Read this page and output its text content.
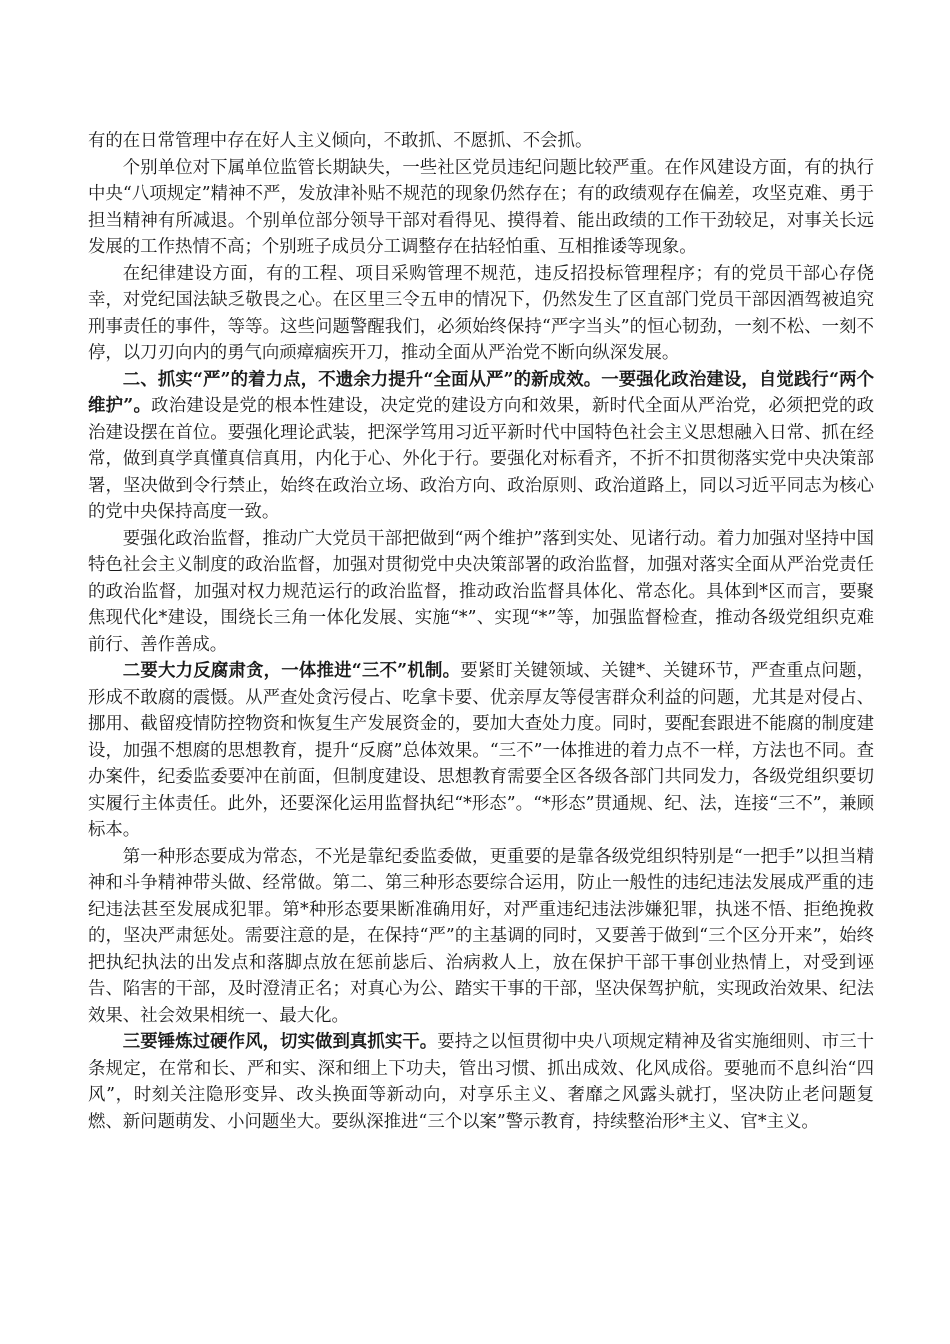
有的在日常管理中存在好人主义倾向，不敢抓、不愿抓、不会抓。

个别单位对下属单位监管长期缺失，一些社区党员违纪问题比较严重。在作风建设方面，有的执行中央“八项规定”精神不严，发放津补贴不规范的现象仍然存在；有的政绩观存在偏差，攻坚克难、勇于担当精神有所减退。个别单位部分领导干部对看得见、摸得着、能出政绩的工作干劲较足，对事关长远发展的工作热情不高；个别班子成员分工调整存在拈轻怕重、互相推诿等现象。

在纪律建设方面，有的工程、项目采购管理不规范，违反招投标管理程序；有的党员干部心存侥幸，对党纪国法缺乏敬畏之心。在区里三令五申的情况下，仍然发生了区直部门党员干部因酒驾被追究刑事责任的事件，等等。这些问题警醒我们，必须始终保持“严字当头”的恒心韧劲，一刻不松、一刻不停，以刀刃向内的勇气向顽瘴痼疾开刀，推动全面从严治党不断向纵深发展。

二、抓实“严”的着力点，不遗余力提升“全面从严”的新成效。一要强化政治建设，自觉践行“两个维护”。政治建设是党的根本性建设，决定党的建设方向和效果，新时代全面从严治党，必须把党的政治建设摆在首位。要强化理论武装，把深学笃用习近平新时代中国特色社会主义思想融入日常、抓在经常，做到真学真懂真信真用，内化于心、外化于行。要强化对标看齐，不折不扣贯彻落实党中央决策部署，坚决做到令行禁止，始终在政治立场、政治方向、政治原则、政治道路上，同以习近平同志为核心的党中央保持高度一致。

要强化政治监督，推动广大党员干部把做到“两个维护”落到实处、见诸行动。着力加强对坚持中国特色社会主义制度的政治监督，加强对贯彻党中央决策部署的政治监督，加强对落实全面从严治党责任的政治监督，加强对权力规范运行的政治监督，推动政治监督具体化、常态化。具体到*区而言，要聚焦现代化*建设，围绕长三角一体化发展、实施“*”、实现“*”等，加强监督检查，推动各级党组织克难前行、善作善成。

二要大力反腐肃贪，一体推进“三不”机制。要紧盯关键领域、关键*、关键环节，严查重点问题，形成不敢腐的震慑。从严查处贪污侵占、吃拿卡要、优亲厚友等侵害群众利益的问题，尤其是对侵占、挪用、截留疫情防控物资和恢复生产发展资金的，要加大查处力度。同时，要配套跟进不能腐的制度建设，加强不想腐的思想教育，提升“反腐”总体效果。“三不”一体推进的着力点不一样，方法也不同。查办案件，纪委监委要冲在前面，但制度建设、思想教育需要全区各级各部门共同发力，各级党组织要切实履行主体责任。此外，还要深化运用监督执纪“*形态”。“*形态”贯通规、纪、法，连接“三不”，兼顾标本。

第一种形态要成为常态，不光是靠纪委监委做，更重要的是靠各级党组织特别是“一把手”以担当精神和斗争精神带头做、经常做。第二、第三种形态要综合运用，防止一般性的违纪违法发展成严重的违纪违法甚至发展成犯罪。第*种形态要果断准确用好，对严重违纪违法涉嫌犯罪，执迷不悟、拒绝挽救的，坚决严肃惩处。需要注意的是，在保持“严”的主基调的同时，又要善于做到“三个区分开来”，始终把执纪执法的出发点和落脚点放在惩前毖后、治病救人上，放在保护干部干事创业热情上，对受到诬告、陷害的干部，及时澄清正名；对真心为公、踏实干事的干部，坚决保驾护航，实现政治效果、纪法效果、社会效果相统一、最大化。

三要锤炼过硬作风，切实做到真抓实干。要持之以恒贯彻中央八项规定精神及省实施细则、市三十条规定，在常和长、严和实、深和细上下功夫，管出习惯、抓出成效、化风成俗。要驰而不息纠治“四风”，时刻关注隐形变异、改头换面等新动向，对享乐主义、奢靡之风露头就打，坚决防止老问题复燃、新问题萌发、小问题坐大。要纵深推进“三个以案”警示教育，持续整治形*主义、官*主义。
